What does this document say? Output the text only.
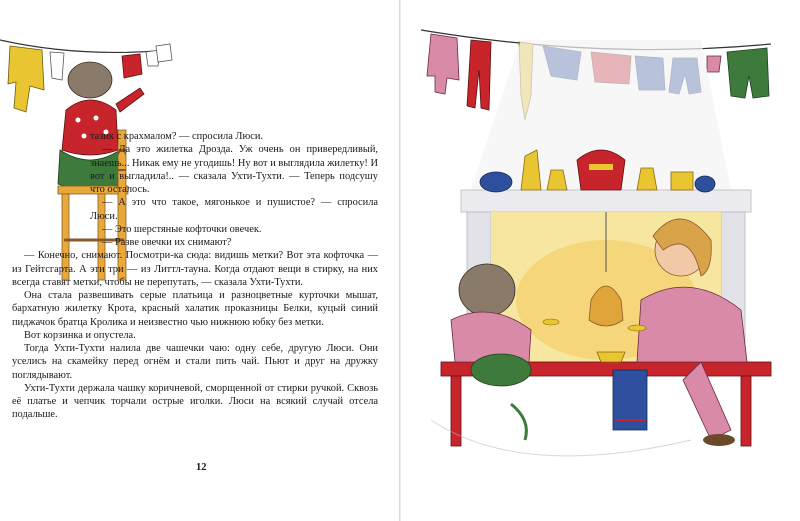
тазик с крахмалом? — спросила Люси.

— Да это жилетка Дрозда. Уж очень он привередливый, знаешь... Никак ему не угодишь! Ну вот и выглядила жилетку! И вот и выгладила!.. — сказала Ухти-Тухти. — Теперь подсушу что осталось.

— А это что такое, мягонькое и пушистое? — спросила Люси.

— Это шерстяные кофточки овечек.

— Разве овечки их снимают?

— Конечно, снимают. Посмотри-ка сюда: видишь метки? Вот эта кофточка — из Гейтсгарта. А эти три — из Литтл-тауна. Когда отдают вещи в стирку, на них всегда ставят метки, чтобы не перепутать, — сказала Ухти-Тухти.

Она стала развешивать серые платьица и разноцветные курточки мышат, бархатную жилетку Крота, красный халатик проказницы Белки, куцый синий пиджачок братца Кролика и неизвестно чью нижнюю юбку без метки.

Вот корзинка и опустела.

Тогда Ухти-Тухти налила две чашечки чаю: одну себе, другую Люси. Они уселись на скамейку перед огнём и стали пить чай. Пьют и друг на дружку поглядывают.

Ухти-Тухти держала чашку коричневой, сморщенной от стирки ручкой. Сквозь её платье и чепчик торчали острые иголки. Люси на всякий случай отсела подальше.

12
